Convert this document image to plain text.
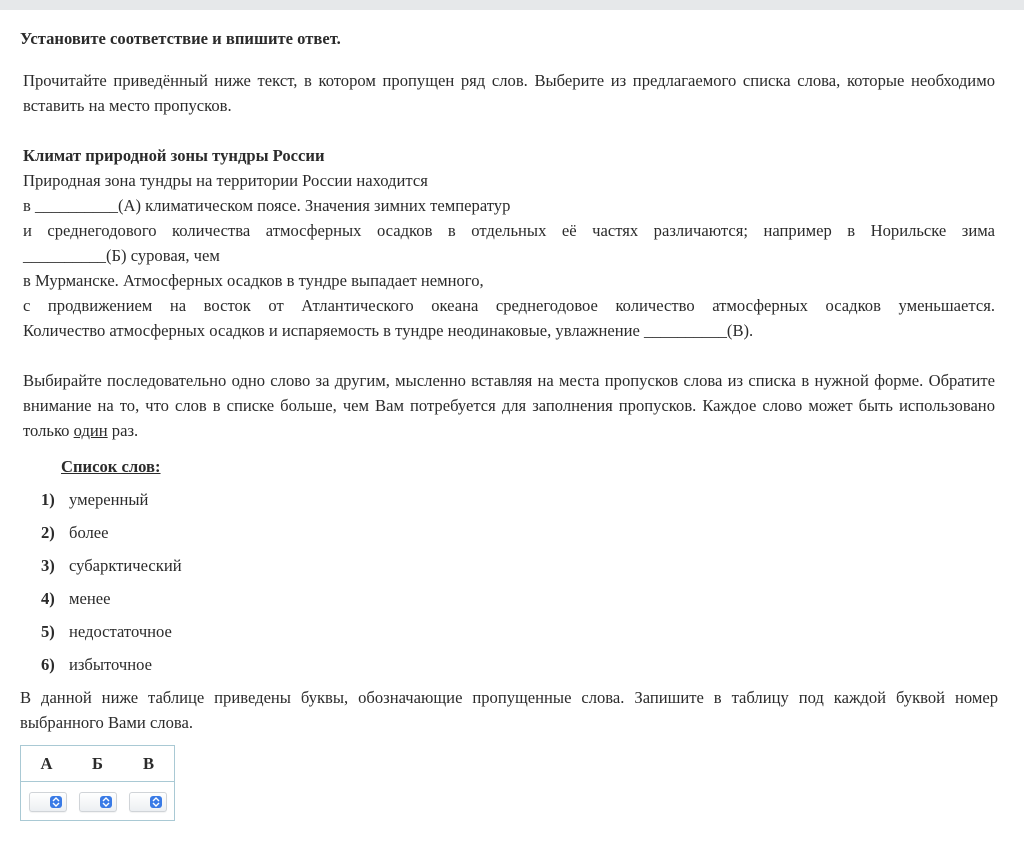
Установите соответствие и впишите ответ.
Прочитайте приведённый ниже текст, в котором пропущен ряд слов. Выберите из предлагаемого списка слова, которые необходимо вставить на место пропусков.
Климат природной зоны тундры России
Природная зона тундры на территории России находится
в __________(А) климатическом поясе. Значения зимних температур
и среднегодового количества атмосферных осадков в отдельных её частях различаются; например в Норильске зима
__________(Б) суровая, чем
в Мурманске. Атмосферных осадков в тундре выпадает немного,
с продвижением на восток от Атлантического океана среднегодовое количество атмосферных осадков уменьшается.
Количество атмосферных осадков и испаряемость в тундре неодинаковые, увлажнение __________(В).
Выбирайте последовательно одно слово за другим, мысленно вставляя на места пропусков слова из списка в нужной форме. Обратите внимание на то, что слов в списке больше, чем Вам потребуется для заполнения пропусков. Каждое слово может быть использовано только один раз.
Список слов:
1) умеренный
2) более
3) субарктический
4) менее
5) недостаточное
6) избыточное
В данной ниже таблице приведены буквы, обозначающие пропущенные слова. Запишите в таблицу под каждой буквой номер выбранного Вами слова.
А	Б	В
